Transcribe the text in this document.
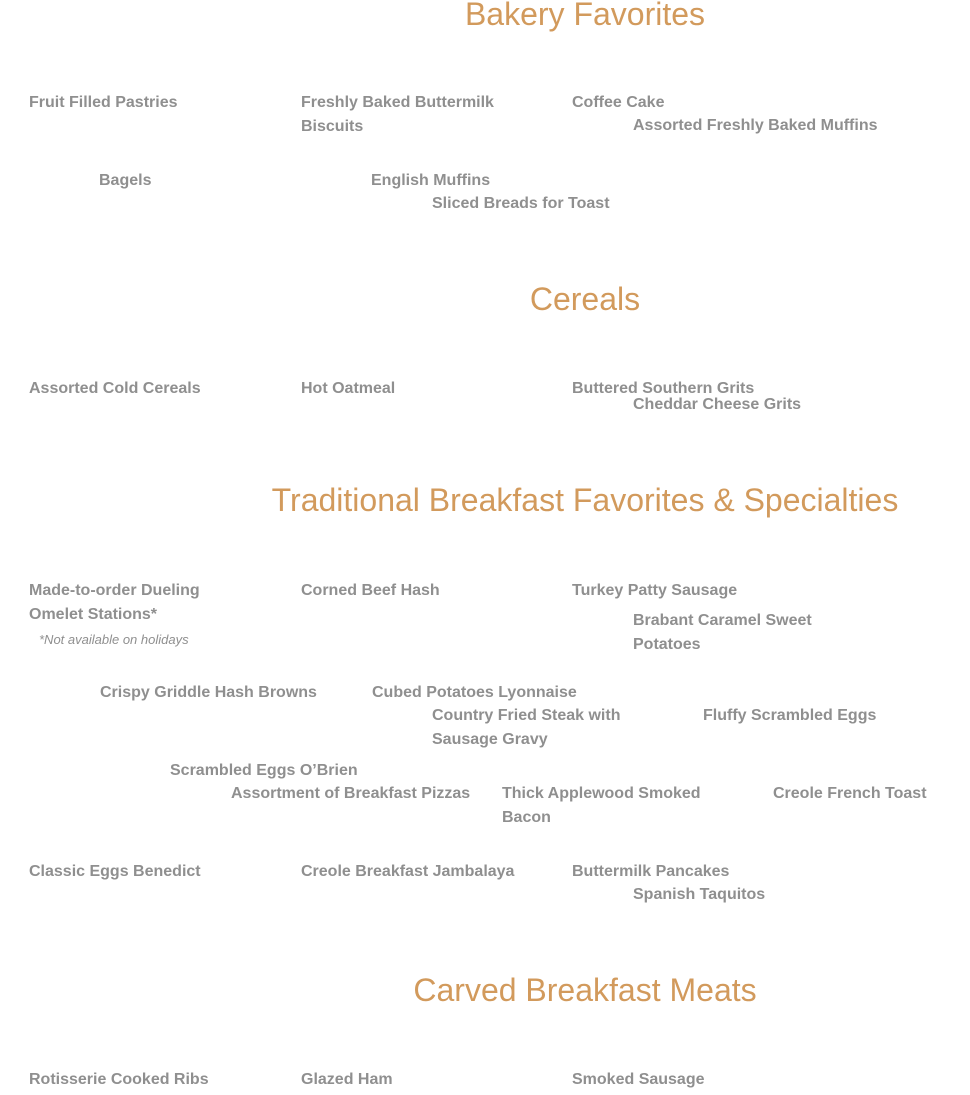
Bakery Favorites
Fruit Filled Pastries	Freshly Baked Buttermilk Biscuits
Coffee Cake
Assorted Freshly Baked Muffins
Bagels	English Muffins
Sliced Breads for Toast
Cereals
Assorted Cold Cereals	Hot Oatmeal	Buttered Southern Grits
Cheddar Cheese Grits
Traditional Breakfast Favorites & Specialties
Made-to-order Dueling Omelet Stations*
*Not available on holidays
Corned Beef Hash	Turkey Patty Sausage
Brabant Caramel Sweet Potatoes
Crispy Griddle Hash Browns	Cubed Potatoes Lyonnaise
Country Fried Steak with Sausage Gravy
Fluffy Scrambled Eggs
Scrambled Eggs O’Brien
Assortment of Breakfast Pizzas	Thick Applewood Smoked Bacon
Creole French Toast
Classic Eggs Benedict	Creole Breakfast Jambalaya	Buttermilk Pancakes
Spanish Taquitos
Carved Breakfast Meats
Rotisserie Cooked Ribs	Glazed Ham	Smoked Sausage
